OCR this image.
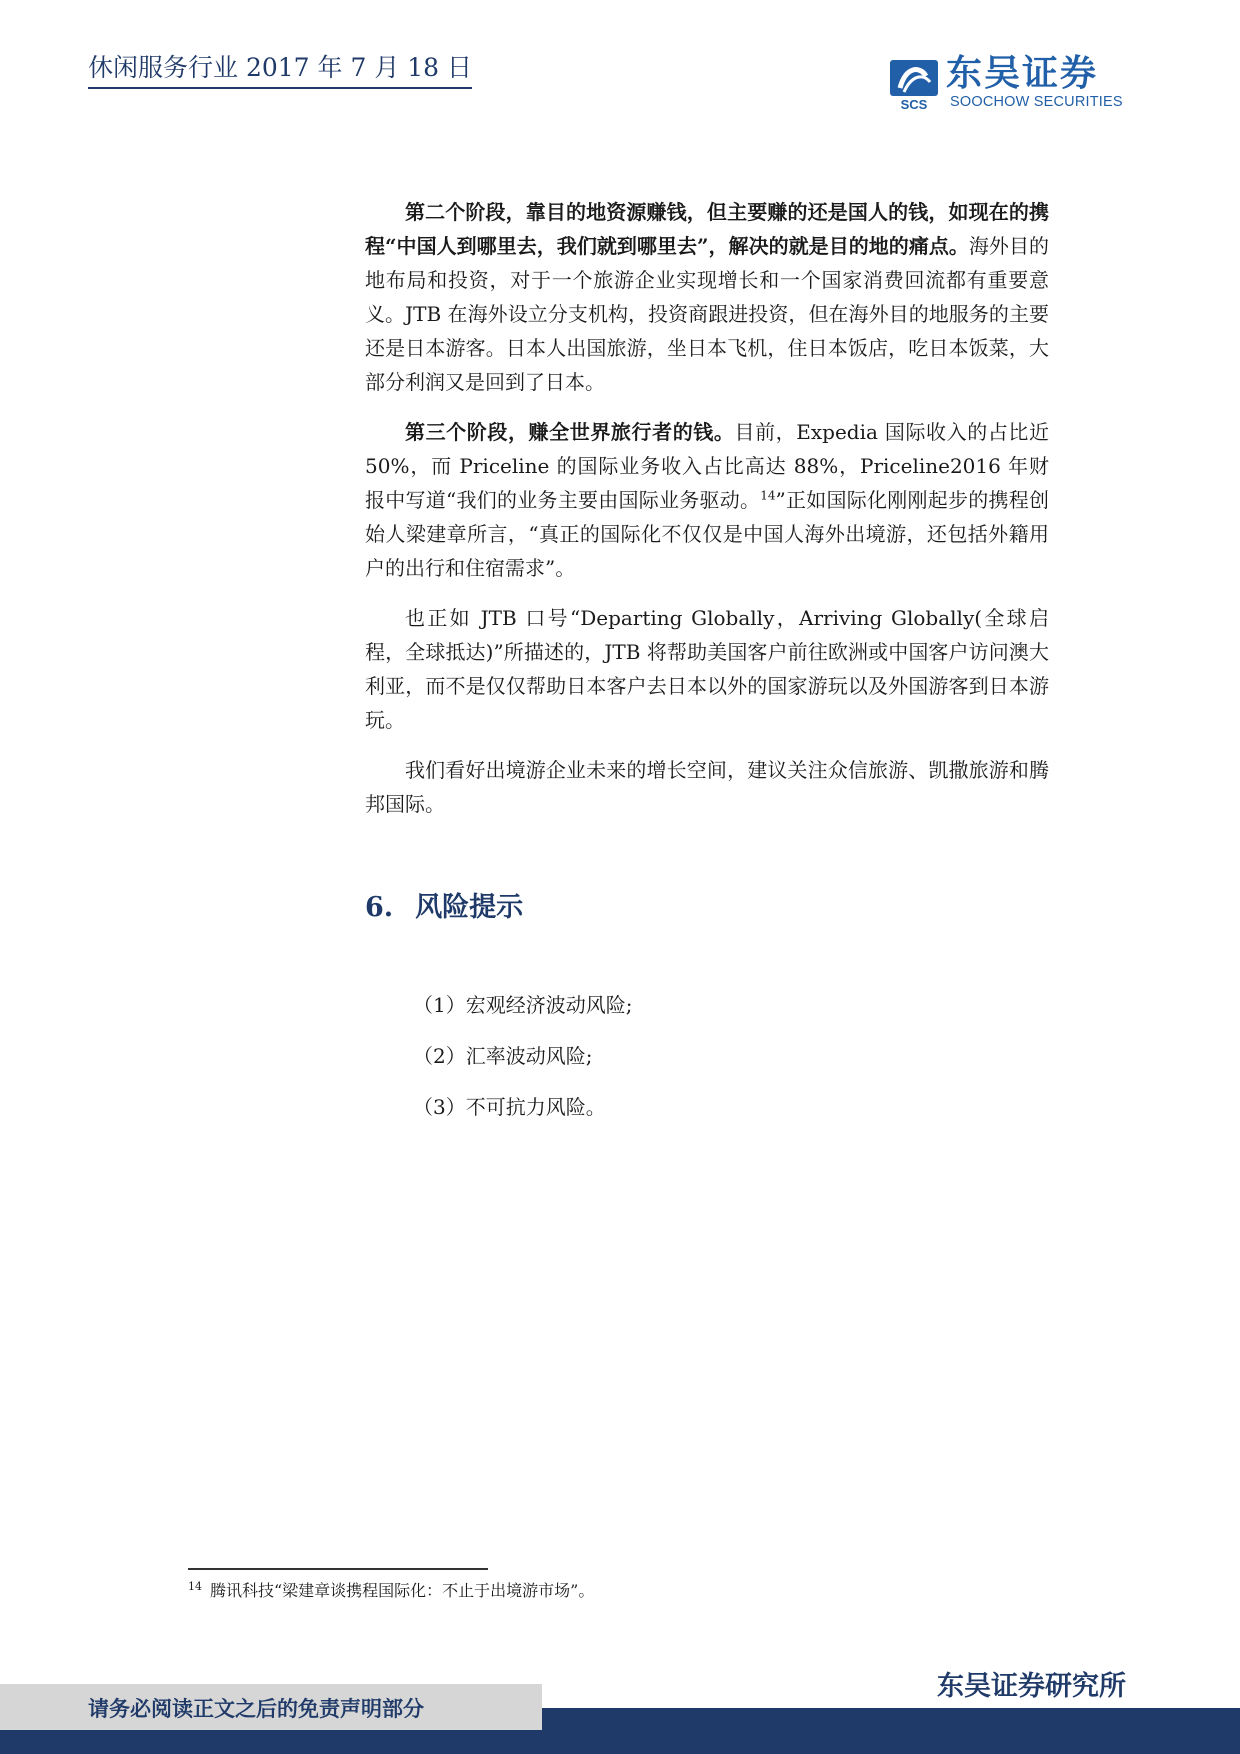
休闲服务行业 2017 年 7 月 18 日
SCS
东吴证券
SOOCHOW SECURITIES

第二个阶段，靠目的地资源赚钱，但主要赚的还是国人的钱，如现在的携程“中国人到哪里去，我们就到哪里去”，解决的就是目的地的痛点。海外目的地布局和投资，对于一个旅游企业实现增长和一个国家消费回流都有重要意义。JTB 在海外设立分支机构，投资商跟进投资，但在海外目的地服务的主要还是日本游客。日本人出国旅游，坐日本飞机，住日本饭店，吃日本饭菜，大部分利润又是回到了日本。

第三个阶段，赚全世界旅行者的钱。目前，Expedia 国际收入的占比近 50%，而 Priceline 的国际业务收入占比高达 88%，Priceline2016 年财报中写道“我们的业务主要由国际业务驱动。$^{14}$”正如国际化刚刚起步的携程创始人梁建章所言，“真正的国际化不仅仅是中国人海外出境游，还包括外籍用户的出行和住宿需求”。

也正如 JTB 口号“Departing Globally，Arriving Globally(全球启程，全球抵达)”所描述的，JTB 将帮助美国客户前往欧洲或中国客户访问澳大利亚，而不是仅仅帮助日本客户去日本以外的国家游玩以及外国游客到日本游玩。

我们看好出境游企业未来的增长空间，建议关注众信旅游、凯撒旅游和腾邦国际。

6. 风险提示
（1）宏观经济波动风险;
（2）汇率波动风险;
（3）不可抗力风险。
$^{14}$ 腾讯科技“梁建章谈携程国际化：不止于出境游市场”。
东吴证券研究所
请务必阅读正文之后的免责声明部分
